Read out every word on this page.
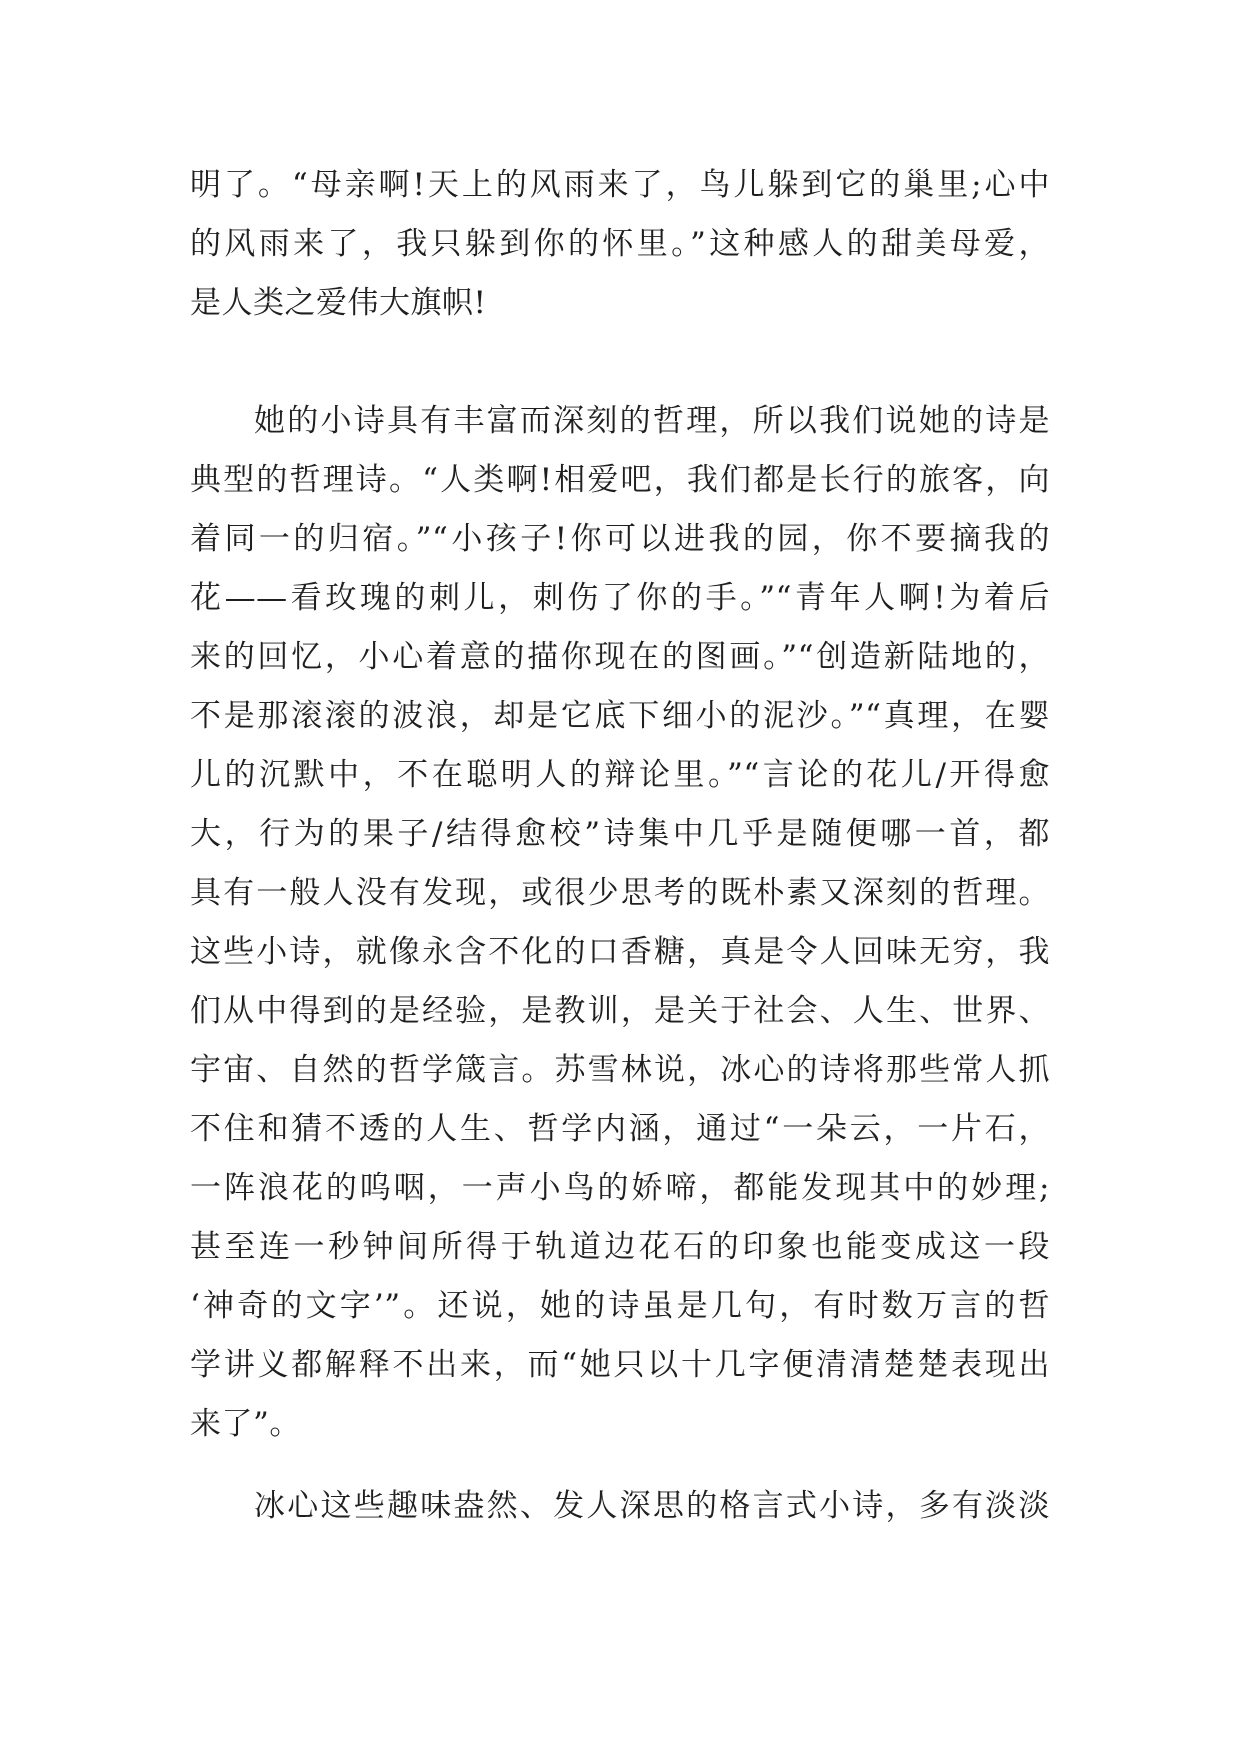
明了。“母亲啊!天上的风雨来了，鸟儿躲到它的巢里;心中
的风雨来了，我只躲到你的怀里。”这种感人的甜美母爱，
是人类之爱伟大旗帜!
她的小诗具有丰富而深刻的哲理，所以我们说她的诗是
典型的哲理诗。“人类啊!相爱吧，我们都是长行的旅客，向
着同一的归宿。”“小孩子!你可以进我的园，你不要摘我的
花——看玫瑰的刺儿，刺伤了你的手。”“青年人啊!为着后
来的回忆，小心着意的描你现在的图画。”“创造新陆地的，
不是那滚滚的波浪，却是它底下细小的泥沙。”“真理，在婴
儿的沉默中，不在聪明人的辩论里。”“言论的花儿/开得愈
大，行为的果子/结得愈校”诗集中几乎是随便哪一首，都
具有一般人没有发现，或很少思考的既朴素又深刻的哲理。
这些小诗，就像永含不化的口香糖，真是令人回味无穷，我
们从中得到的是经验，是教训，是关于社会、人生、世界、
宇宙、自然的哲学箴言。苏雪林说，冰心的诗将那些常人抓
不住和猜不透的人生、哲学内涵，通过“一朵云，一片石，
一阵浪花的呜咽，一声小鸟的娇啼，都能发现其中的妙理;
甚至连一秒钟间所得于轨道边花石的印象也能变成这一段
‘神奇的文字’”。还说，她的诗虽是几句，有时数万言的哲
学讲义都解释不出来，而“她只以十几字便清清楚楚表现出
来了”。
冰心这些趣味盎然、发人深思的格言式小诗，多有淡淡
